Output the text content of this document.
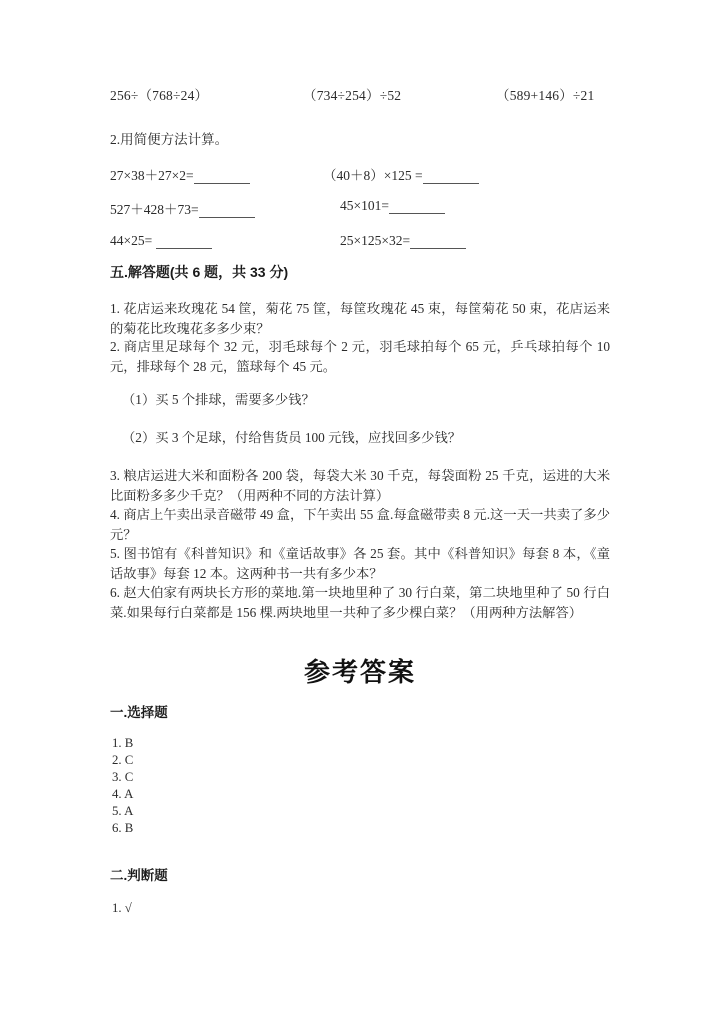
256÷（768÷24）	（734÷254）÷52	（589+146）÷21
2.用简便方法计算。
27×38＋27×2=	（40＋8）×125 =
527＋428＋73=	45×101=
44×25=	25×125×32=
五.解答题(共 6 题，共 33 分)
1. 花店运来玫瑰花 54 筐，菊花 75 筐，每筐玫瑰花 45 束，每筐菊花 50 束，花店运来的菊花比玫瑰花多多少束？
2. 商店里足球每个 32 元，羽毛球每个 2 元，羽毛球拍每个 65 元，乒乓球拍每个 10 元，排球每个 28 元，篮球每个 45 元。
（1）买 5 个排球，需要多少钱？
（2）买 3 个足球，付给售货员 100 元钱，应找回多少钱？
3. 粮店运进大米和面粉各 200 袋，每袋大米 30 千克，每袋面粉 25 千克，运进的大米比面粉多多少千克？（用两种不同的方法计算）
4. 商店上午卖出录音磁带 49 盒，下午卖出 55 盒.每盒磁带卖 8 元.这一天一共卖了多少元？
5. 图书馆有《科普知识》和《童话故事》各 25 套。其中《科普知识》每套 8 本，《童话故事》每套 12 本。这两种书一共有多少本？
6. 赵大伯家有两块长方形的菜地.第一块地里种了 30 行白菜，第二块地里种了 50 行白菜.如果每行白菜都是 156 棵.两块地里一共种了多少棵白菜？（用两种方法解答）
参考答案
一.选择题
1. B
2. C
3. C
4. A
5. A
6. B
二.判断题
1. √
